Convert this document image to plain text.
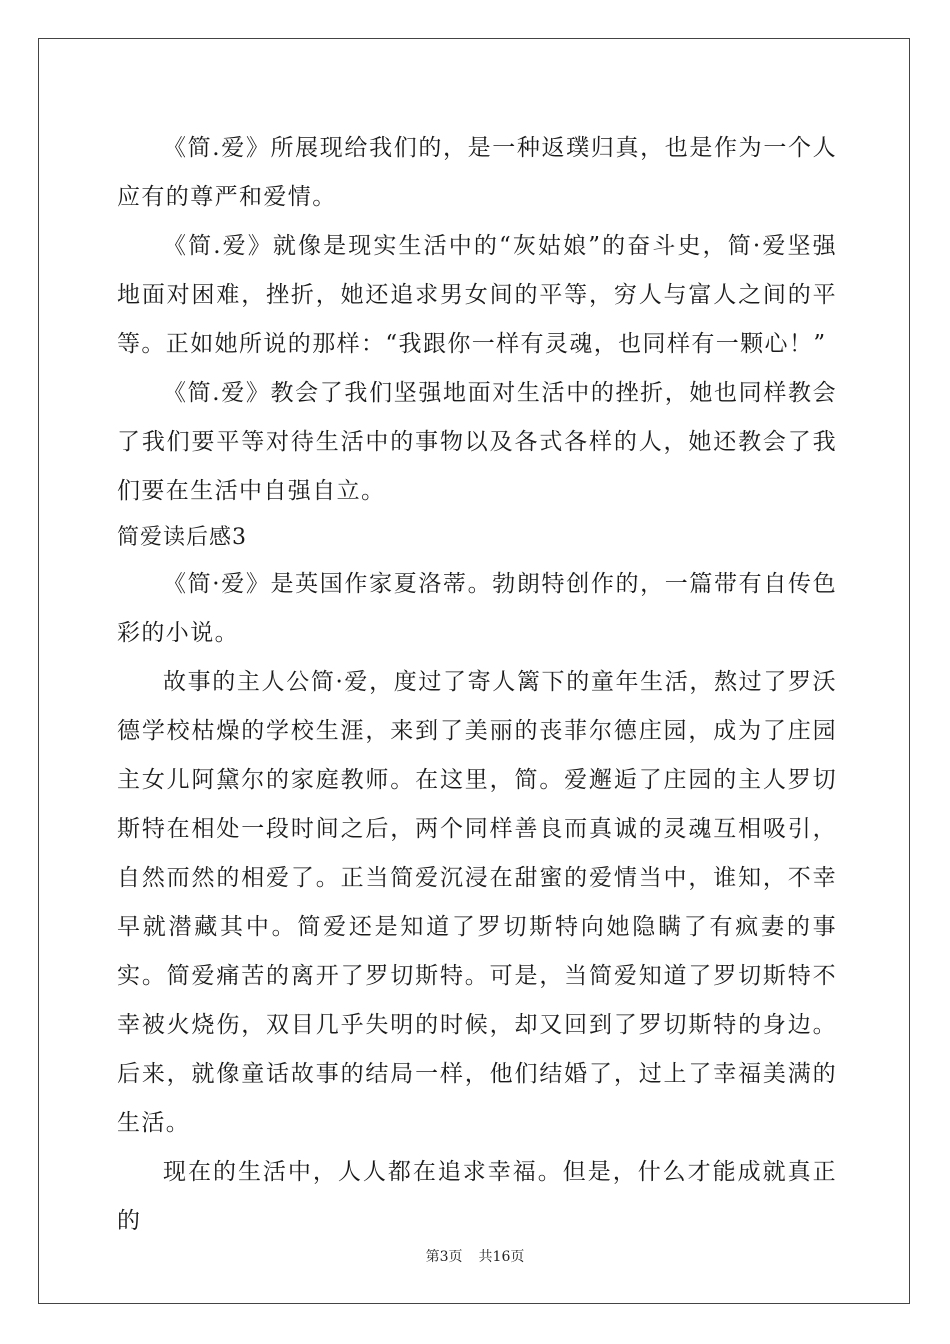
《简.爱》所展现给我们的，是一种返璞归真，也是作为一个人应有的尊严和爱情。

《简.爱》就像是现实生活中的“灰姑娘”的奋斗史，简·爱坚强地面对困难，挫折，她还追求男女间的平等，穷人与富人之间的平等。正如她所说的那样：“我跟你一样有灵魂，也同样有一颗心！”

《简.爱》教会了我们坚强地面对生活中的挫折，她也同样教会了我们要平等对待生活中的事物以及各式各样的人，她还教会了我们要在生活中自强自立。

简爱读后感3

《简·爱》是英国作家夏洛蒂。勃朗特创作的，一篇带有自传色彩的小说。

故事的主人公简·爱，度过了寄人篱下的童年生活，熬过了罗沃德学校枯燥的学校生涯，来到了美丽的丧菲尔德庄园，成为了庄园主女儿阿黛尔的家庭教师。在这里，简。爱邂逅了庄园的主人罗切斯特在相处一段时间之后，两个同样善良而真诚的灵魂互相吸引，自然而然的相爱了。正当简爱沉浸在甜蜜的爱情当中，谁知，不幸早就潜藏其中。简爱还是知道了罗切斯特向她隐瞒了有疯妻的事实。简爱痛苦的离开了罗切斯特。可是，当简爱知道了罗切斯特不幸被火烧伤，双目几乎失明的时候，却又回到了罗切斯特的身边。后来，就像童话故事的结局一样，他们结婚了，过上了幸福美满的生活。

现在的生活中，人人都在追求幸福。但是，什么才能成就真正的

第3页 共16页
